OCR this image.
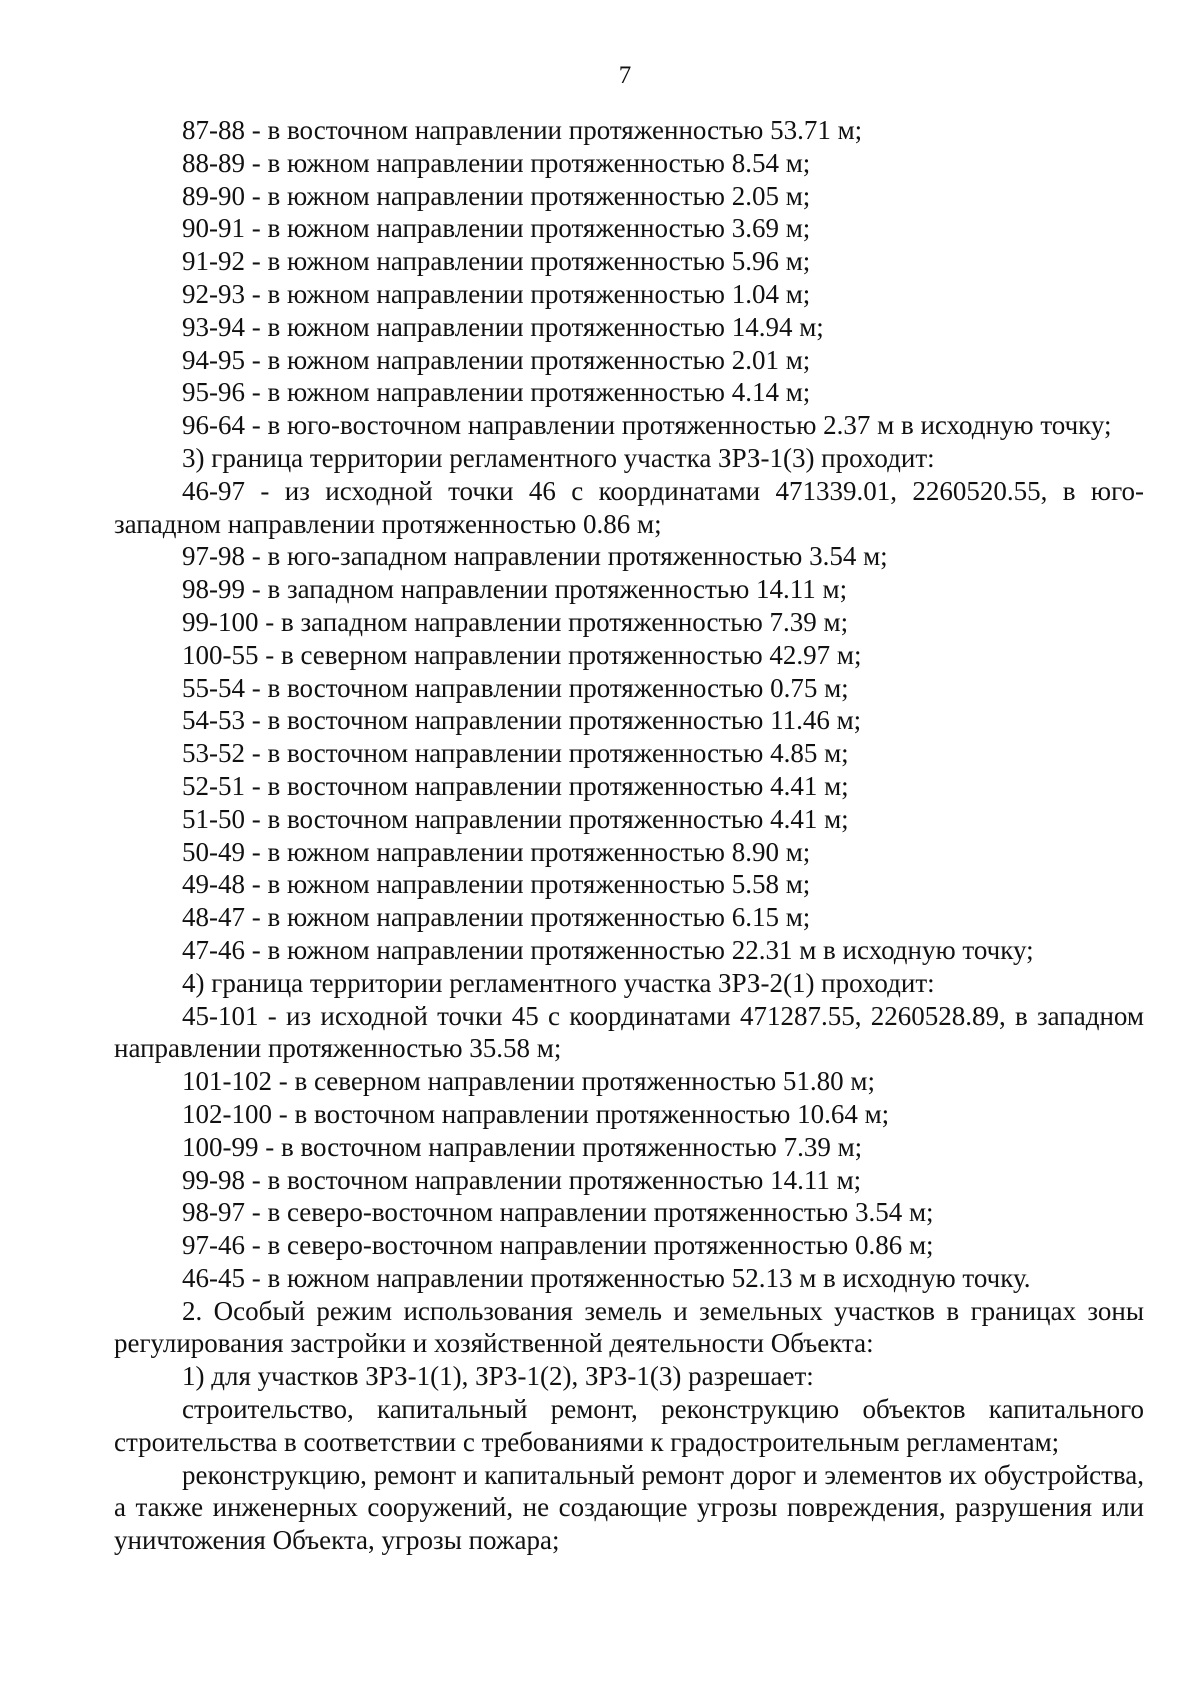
7

87-88 - в восточном направлении протяженностью 53.71 м;

88-89 - в южном направлении протяженностью 8.54 м;

89-90 - в южном направлении протяженностью 2.05 м;

90-91 - в южном направлении протяженностью 3.69 м;

91-92 - в южном направлении протяженностью 5.96 м;

92-93 - в южном направлении протяженностью 1.04 м;

93-94 - в южном направлении протяженностью 14.94 м;

94-95 - в южном направлении протяженностью 2.01 м;

95-96 - в южном направлении протяженностью 4.14 м;

96-64 - в юго-восточном направлении протяженностью 2.37 м в исходную точку;

3) граница территории регламентного участка ЗРЗ-1(3) проходит:

46-97 - из исходной точки 46 с координатами 471339.01, 2260520.55, в юго-западном направлении протяженностью 0.86 м;

97-98 - в юго-западном направлении протяженностью 3.54 м;

98-99 - в западном направлении протяженностью 14.11 м;

99-100 - в западном направлении протяженностью 7.39 м;

100-55 - в северном направлении протяженностью 42.97 м;

55-54 - в восточном направлении протяженностью 0.75 м;

54-53 - в восточном направлении протяженностью 11.46 м;

53-52 - в восточном направлении протяженностью 4.85 м;

52-51 - в восточном направлении протяженностью 4.41 м;

51-50 - в восточном направлении протяженностью 4.41 м;

50-49 - в южном направлении протяженностью 8.90 м;

49-48 - в южном направлении протяженностью 5.58 м;

48-47 - в южном направлении протяженностью 6.15 м;

47-46 - в южном направлении протяженностью 22.31 м в исходную точку;

4) граница территории регламентного участка ЗРЗ-2(1) проходит:

45-101 - из исходной точки 45 с координатами 471287.55, 2260528.89, в западном направлении протяженностью 35.58 м;

101-102 - в северном направлении протяженностью 51.80 м;

102-100 - в восточном направлении протяженностью 10.64 м;

100-99 - в восточном направлении протяженностью 7.39 м;

99-98 - в восточном направлении протяженностью 14.11 м;

98-97 - в северо-восточном направлении протяженностью 3.54 м;

97-46 - в северо-восточном направлении протяженностью 0.86 м;

46-45 - в южном направлении протяженностью 52.13 м в исходную точку.

2. Особый режим использования земель и земельных участков в границах зоны регулирования застройки и хозяйственной деятельности Объекта:

1) для участков ЗРЗ-1(1), ЗРЗ-1(2), ЗРЗ-1(3) разрешает:

строительство, капитальный ремонт, реконструкцию объектов капитального строительства в соответствии с требованиями к градостроительным регламентам;

реконструкцию, ремонт и капитальный ремонт дорог и элементов их обустройства, а также инженерных сооружений, не создающие угрозы повреждения, разрушения или уничтожения Объекта, угрозы пожара;
